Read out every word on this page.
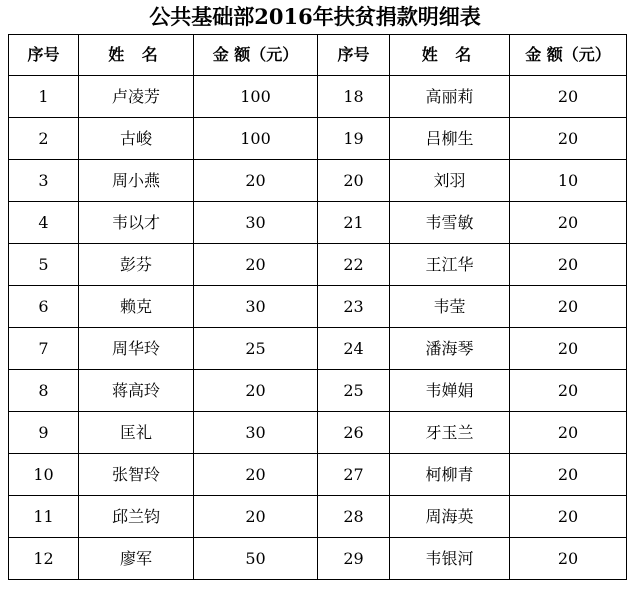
公共基础部2016年扶贫捐款明细表
序号	姓 名	金 额（元）	序号	姓 名	金 额（元）
1	卢凌芳	100	18	高丽莉	20
2	古峻	100	19	吕柳生	20
3	周小燕	20	20	刘羽	10
4	韦以才	30	21	韦雪敏	20
5	彭芬	20	22	王江华	20
6	赖克	30	23	韦莹	20
7	周华玲	25	24	潘海琴	20
8	蒋高玲	20	25	韦婵娟	20
9	匡礼	30	26	牙玉兰	20
10	张智玲	20	27	柯柳青	20
11	邱兰钧	20	28	周海英	20
12	廖军	50	29	韦银河	20
